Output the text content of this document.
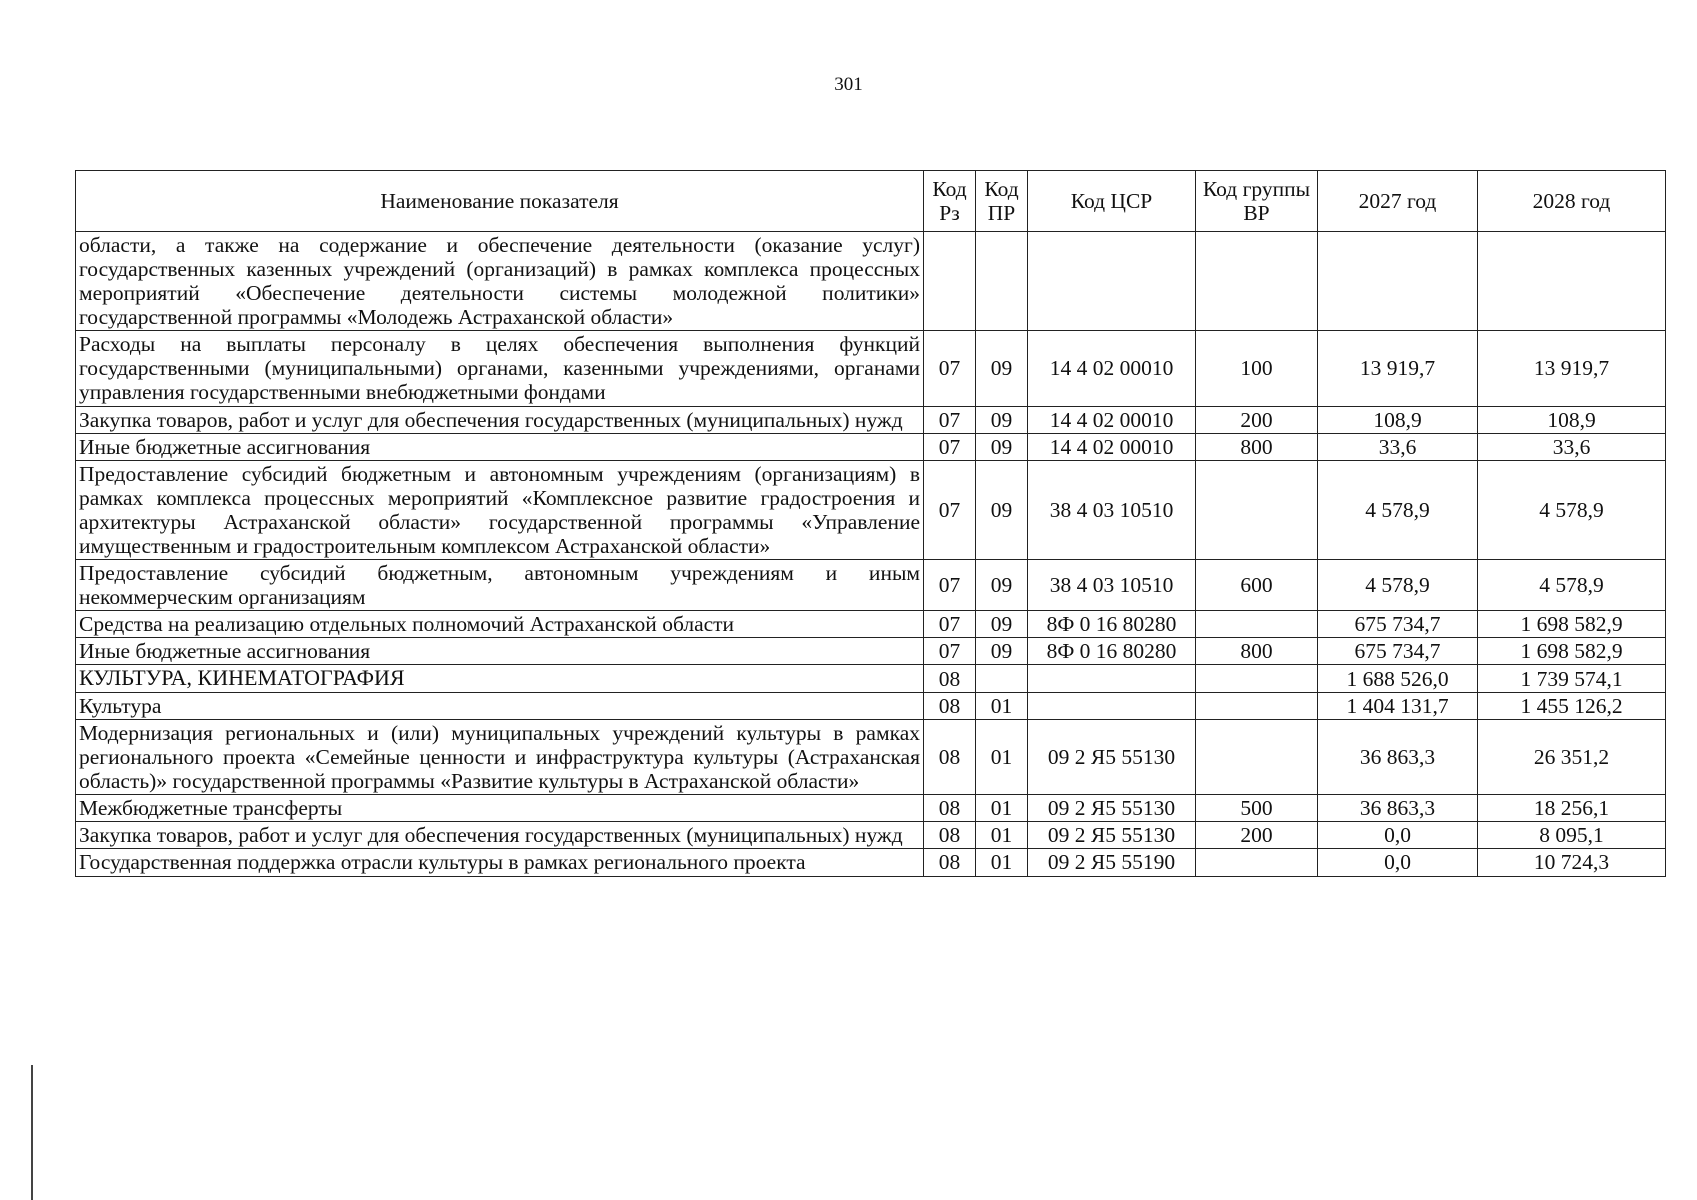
301
Наименование показателя	Код Рз	Код ПР	Код ЦСР	Код группы ВР	2027 год	2028 год
области, а также на содержание и обеспечение деятельности (оказание услуг) государственных казенных учреждений (организаций) в рамках комплекса процессных мероприятий «Обеспечение деятельности системы молодежной политики» государственной программы «Молодежь Астраханской области»						
Расходы на выплаты персоналу в целях обеспечения выполнения функций государственными (муниципальными) органами, казенными учреждениями, органами управления государственными внебюджетными фондами	07	09	14 4 02 00010	100	13 919,7	13 919,7
Закупка товаров, работ и услуг для обеспечения государственных (муниципальных) нужд	07	09	14 4 02 00010	200	108,9	108,9
Иные бюджетные ассигнования	07	09	14 4 02 00010	800	33,6	33,6
Предоставление субсидий бюджетным и автономным учреждениям (организациям) в рамках комплекса процессных мероприятий «Комплексное развитие градостроения и архитектуры Астраханской области» государственной программы «Управление имущественным и градостроительным комплексом Астраханской области»	07	09	38 4 03 10510		4 578,9	4 578,9
Предоставление субсидий бюджетным, автономным учреждениям и иным некоммерческим организациям	07	09	38 4 03 10510	600	4 578,9	4 578,9
Средства на реализацию отдельных полномочий Астраханской области	07	09	8Ф 0 16 80280		675 734,7	1 698 582,9
Иные бюджетные ассигнования	07	09	8Ф 0 16 80280	800	675 734,7	1 698 582,9
КУЛЬТУРА, КИНЕМАТОГРАФИЯ	08				1 688 526,0	1 739 574,1
Культура	08	01			1 404 131,7	1 455 126,2
Модернизация региональных и (или) муниципальных учреждений культуры в рамках регионального проекта «Семейные ценности и инфраструктура культуры (Астраханская область)» государственной программы «Развитие культуры в Астраханской области»	08	01	09 2 Я5 55130		36 863,3	26 351,2
Межбюджетные трансферты	08	01	09 2 Я5 55130	500	36 863,3	18 256,1
Закупка товаров, работ и услуг для обеспечения государственных (муниципальных) нужд	08	01	09 2 Я5 55130	200	0,0	8 095,1
Государственная поддержка отрасли культуры в рамках регионального проекта	08	01	09 2 Я5 55190		0,0	10 724,3
